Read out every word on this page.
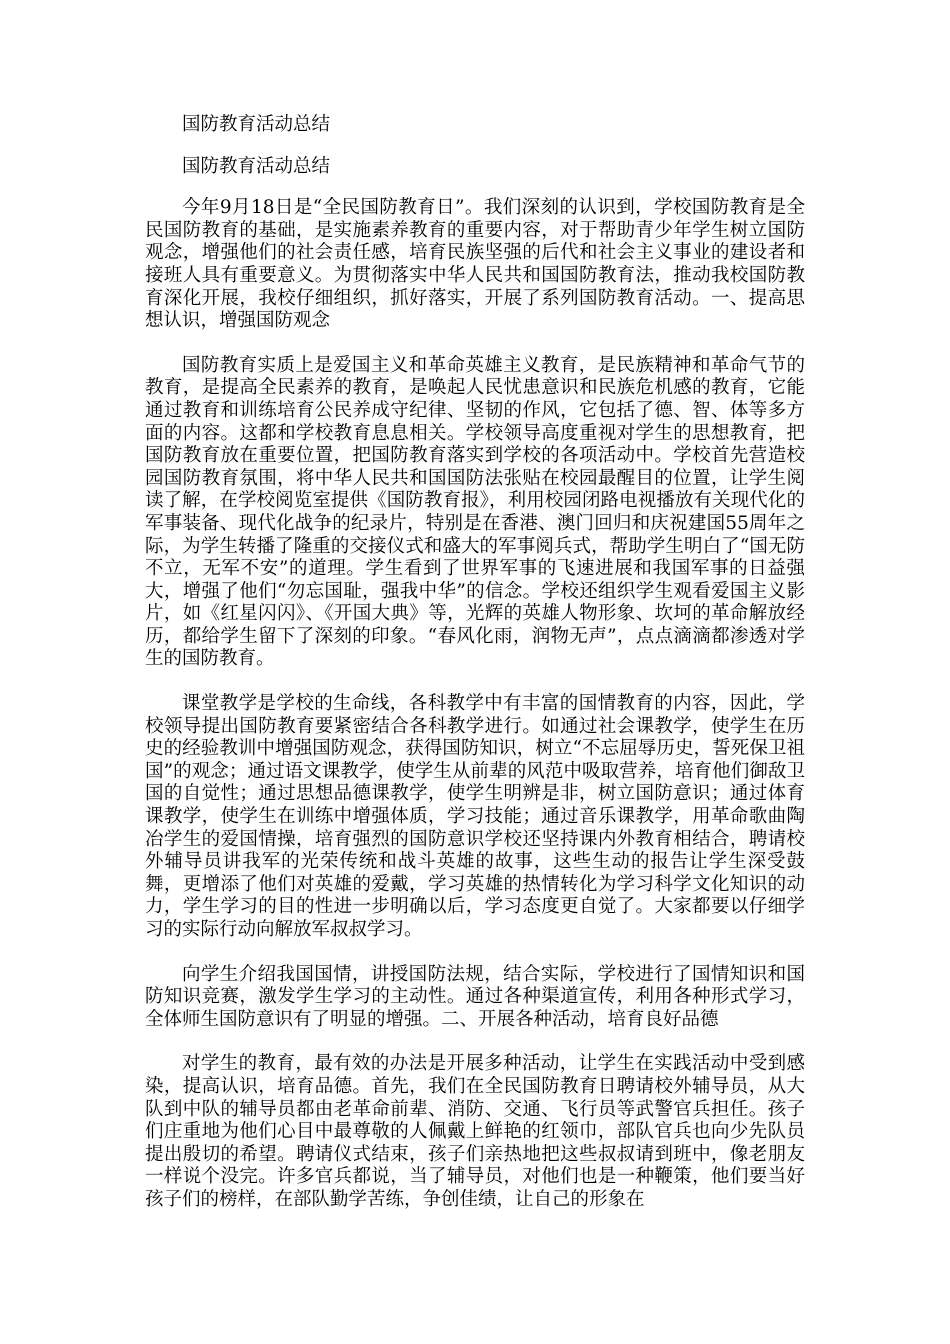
国防教育活动总结
国防教育活动总结

今年9月18日是“全民国防教育日”。我们深刻的认识到，学校国防教育是全民国防教育的基础，是实施素养教育的重要内容，对于帮助青少年学生树立国防观念，增强他们的社会责任感，培育民族坚强的后代和社会主义事业的建设者和接班人具有重要意义。为贯彻落实中华人民共和国国防教育法，推动我校国防教育深化开展，我校仔细组织，抓好落实，开展了系列国防教育活动。一、提高思想认识，增强国防观念

国防教育实质上是爱国主义和革命英雄主义教育，是民族精神和革命气节的教育，是提高全民素养的教育，是唤起人民忧患意识和民族危机感的教育，它能通过教育和训练培育公民养成守纪律、坚韧的作风，它包括了德、智、体等多方面的内容。这都和学校教育息息相关。学校领导高度重视对学生的思想教育，把国防教育放在重要位置，把国防教育落实到学校的各项活动中。学校首先营造校园国防教育氛围，将中华人民共和国国防法张贴在校园最醒目的位置，让学生阅读了解，在学校阅览室提供《国防教育报》，利用校园闭路电视播放有关现代化的军事装备、现代化战争的纪录片，特别是在香港、澳门回归和庆祝建国55周年之际，为学生转播了隆重的交接仪式和盛大的军事阅兵式，帮助学生明白了“国无防不立，无军不安”的道理。学生看到了世界军事的飞速进展和我国军事的日益强大，增强了他们“勿忘国耻，强我中华”的信念。学校还组织学生观看爱国主义影片，如《红星闪闪》、《开国大典》等，光辉的英雄人物形象、坎坷的革命解放经历，都给学生留下了深刻的印象。“春风化雨，润物无声”，点点滴滴都渗透对学生的国防教育。

课堂教学是学校的生命线，各科教学中有丰富的国情教育的内容，因此，学校领导提出国防教育要紧密结合各科教学进行。如通过社会课教学，使学生在历史的经验教训中增强国防观念，获得国防知识，树立“不忘屈辱历史，誓死保卫祖国”的观念；通过语文课教学，使学生从前辈的风范中吸取营养，培育他们御敌卫国的自觉性；通过思想品德课教学，使学生明辨是非，树立国防意识；通过体育课教学，使学生在训练中增强体质，学习技能；通过音乐课教学，用革命歌曲陶冶学生的爱国情操，培育强烈的国防意识学校还坚持课内外教育相结合，聘请校外辅导员讲我军的光荣传统和战斗英雄的故事，这些生动的报告让学生深受鼓舞，更增添了他们对英雄的爱戴，学习英雄的热情转化为学习科学文化知识的动力，学生学习的目的性进一步明确以后，学习态度更自觉了。大家都要以仔细学习的实际行动向解放军叔叔学习。

向学生介绍我国国情，讲授国防法规，结合实际，学校进行了国情知识和国防知识竞赛，激发学生学习的主动性。通过各种渠道宣传，利用各种形式学习，全体师生国防意识有了明显的增强。二、开展各种活动，培育良好品德

对学生的教育，最有效的办法是开展多种活动，让学生在实践活动中受到感染，提高认识，培育品德。首先，我们在全民国防教育日聘请校外辅导员，从大队到中队的辅导员都由老革命前辈、消防、交通、飞行员等武警官兵担任。孩子们庄重地为他们心目中最尊敬的人佩戴上鲜艳的红领巾，部队官兵也向少先队员提出殷切的希望。聘请仪式结束，孩子们亲热地把这些叔叔请到班中，像老朋友一样说个没完。许多官兵都说，当了辅导员，对他们也是一种鞭策，他们要当好孩子们的榜样，在部队勤学苦练，争创佳绩，让自己的形象在
